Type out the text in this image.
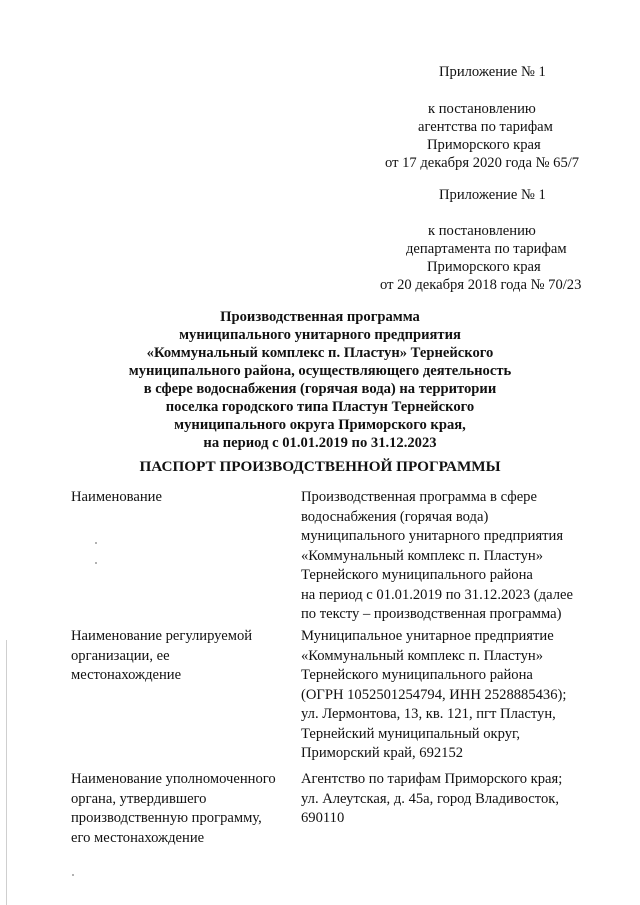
Приложение № 1
к постановлению
агентства по тарифам
Приморского края
от 17 декабря 2020 года № 65/7
Приложение № 1
к постановлению
департамента по тарифам
Приморского края
от 20 декабря 2018 года № 70/23
Производственная программа
муниципального унитарного предприятия
«Коммунальный комплекс п. Пластун» Тернейского
муниципального района, осуществляющего деятельность
в сфере водоснабжения (горячая вода) на территории
поселка городского типа Пластун Тернейского
муниципального округа Приморского края,
на период с 01.01.2019 по 31.12.2023
ПАСПОРТ ПРОИЗВОДСТВЕННОЙ ПРОГРАММЫ
Наименование	Производственная программа в сфере
водоснабжения (горячая вода)
муниципального унитарного предприятия
«Коммунальный комплекс п. Пластун»
Тернейского муниципального района
на период с 01.01.2019 по 31.12.2023 (далее
по тексту – производственная программа)
Наименование регулируемой
организации, ее
местонахождение
Муниципальное унитарное предприятие
«Коммунальный комплекс п. Пластун»
Тернейского муниципального района
(ОГРН 1052501254794, ИНН 2528885436);
ул. Лермонтова, 13, кв. 121, пгт Пластун,
Тернейский муниципальный округ,
Приморский край, 692152
Наименование уполномоченного
органа, утвердившего
производственную программу,
его местонахождение
Агентство по тарифам Приморского края;
ул. Алеутская, д. 45а, город Владивосток,
690110
